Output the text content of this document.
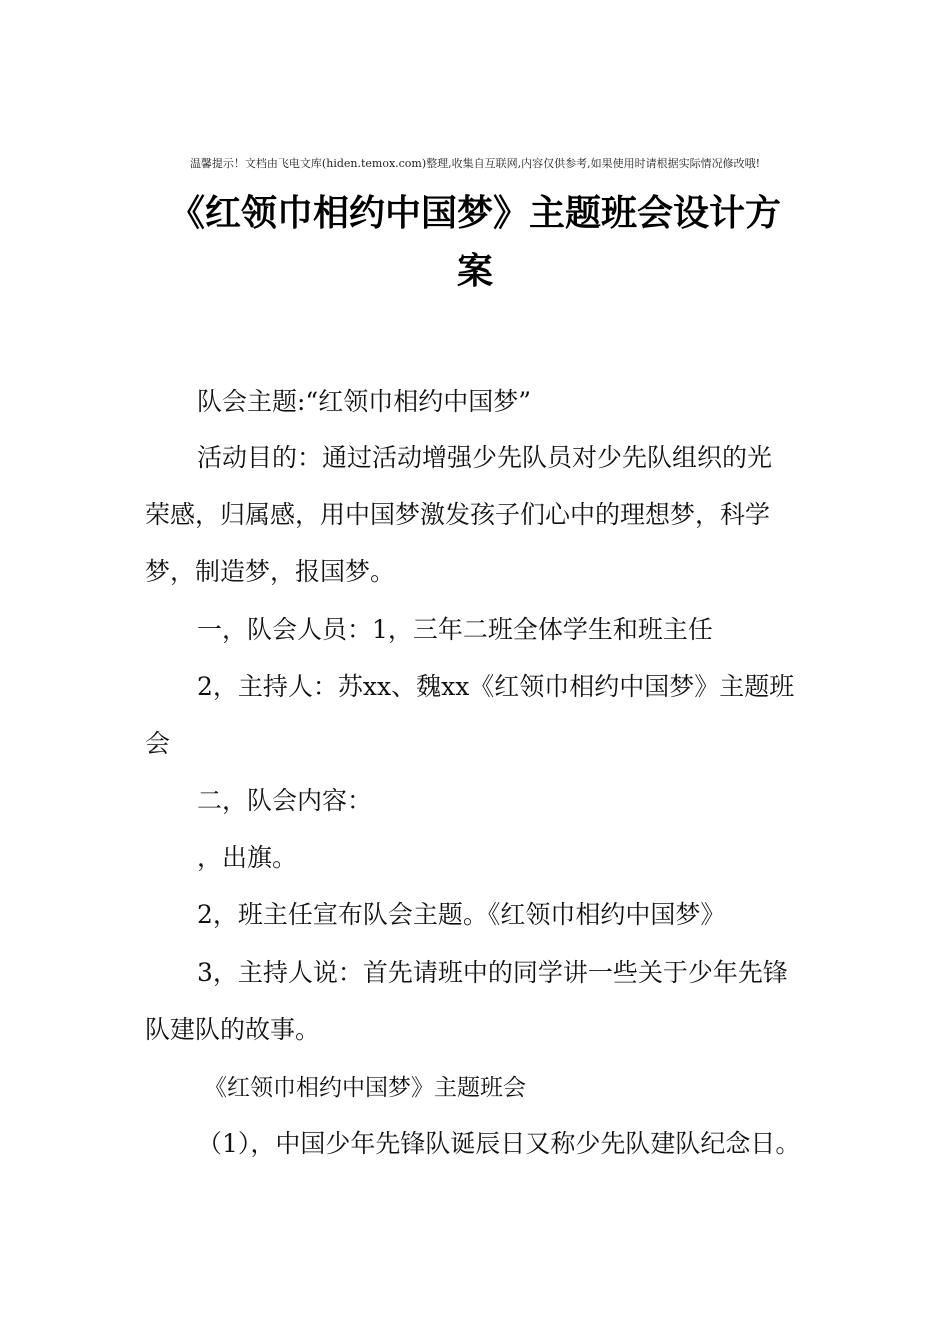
温馨提示！文档由飞电文库(hiden.temox.com)整理,收集自互联网,内容仅供参考,如果使用时请根据实际情况修改哦!
《红领巾相约中国梦》主题班会设计方
案
队会主题:“红领巾相约中国梦”
活动目的：通过活动增强少先队员对少先队组织的光
荣感，归属感，用中国梦激发孩子们心中的理想梦，科学
梦，制造梦，报国梦。
一，队会人员：1，三年二班全体学生和班主任
2，主持人：苏xx、魏xx《红领巾相约中国梦》主题班
会
二，队会内容：
，出旗。
2，班主任宣布队会主题。《红领巾相约中国梦》
3，主持人说：首先请班中的同学讲一些关于少年先锋
队建队的故事。
《红领巾相约中国梦》主题班会
（1），中国少年先锋队诞辰日又称少先队建队纪念日。
